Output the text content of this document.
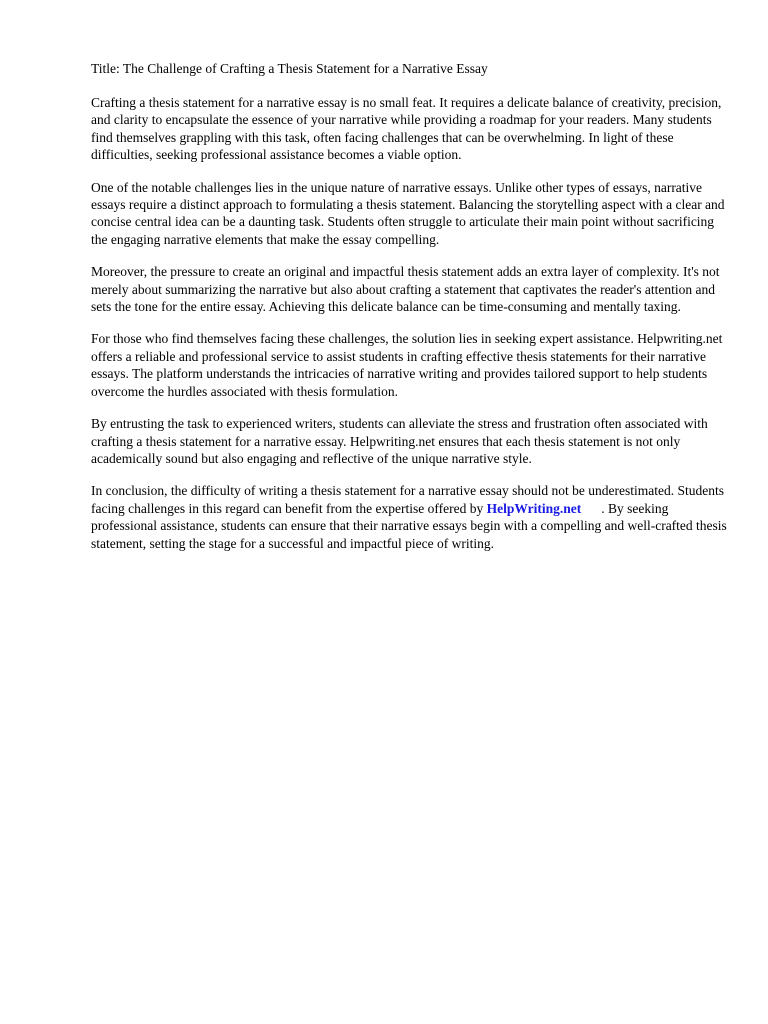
Title: The Challenge of Crafting a Thesis Statement for a Narrative Essay

Crafting a thesis statement for a narrative essay is no small feat. It requires a delicate balance of creativity, precision, and clarity to encapsulate the essence of your narrative while providing a roadmap for your readers. Many students find themselves grappling with this task, often facing challenges that can be overwhelming. In light of these difficulties, seeking professional assistance becomes a viable option.

One of the notable challenges lies in the unique nature of narrative essays. Unlike other types of essays, narrative essays require a distinct approach to formulating a thesis statement. Balancing the storytelling aspect with a clear and concise central idea can be a daunting task. Students often struggle to articulate their main point without sacrificing the engaging narrative elements that make the essay compelling.

Moreover, the pressure to create an original and impactful thesis statement adds an extra layer of complexity. It's not merely about summarizing the narrative but also about crafting a statement that captivates the reader's attention and sets the tone for the entire essay. Achieving this delicate balance can be time-consuming and mentally taxing.

For those who find themselves facing these challenges, the solution lies in seeking expert assistance. Helpwriting.net offers a reliable and professional service to assist students in crafting effective thesis statements for their narrative essays. The platform understands the intricacies of narrative writing and provides tailored support to help students overcome the hurdles associated with thesis formulation.

By entrusting the task to experienced writers, students can alleviate the stress and frustration often associated with crafting a thesis statement for a narrative essay. Helpwriting.net ensures that each thesis statement is not only academically sound but also engaging and reflective of the unique narrative style.

In conclusion, the difficulty of writing a thesis statement for a narrative essay should not be underestimated. Students facing challenges in this regard can benefit from the expertise offered by HelpWriting.net . By seeking professional assistance, students can ensure that their narrative essays begin with a compelling and well-crafted thesis statement, setting the stage for a successful and impactful piece of writing.
